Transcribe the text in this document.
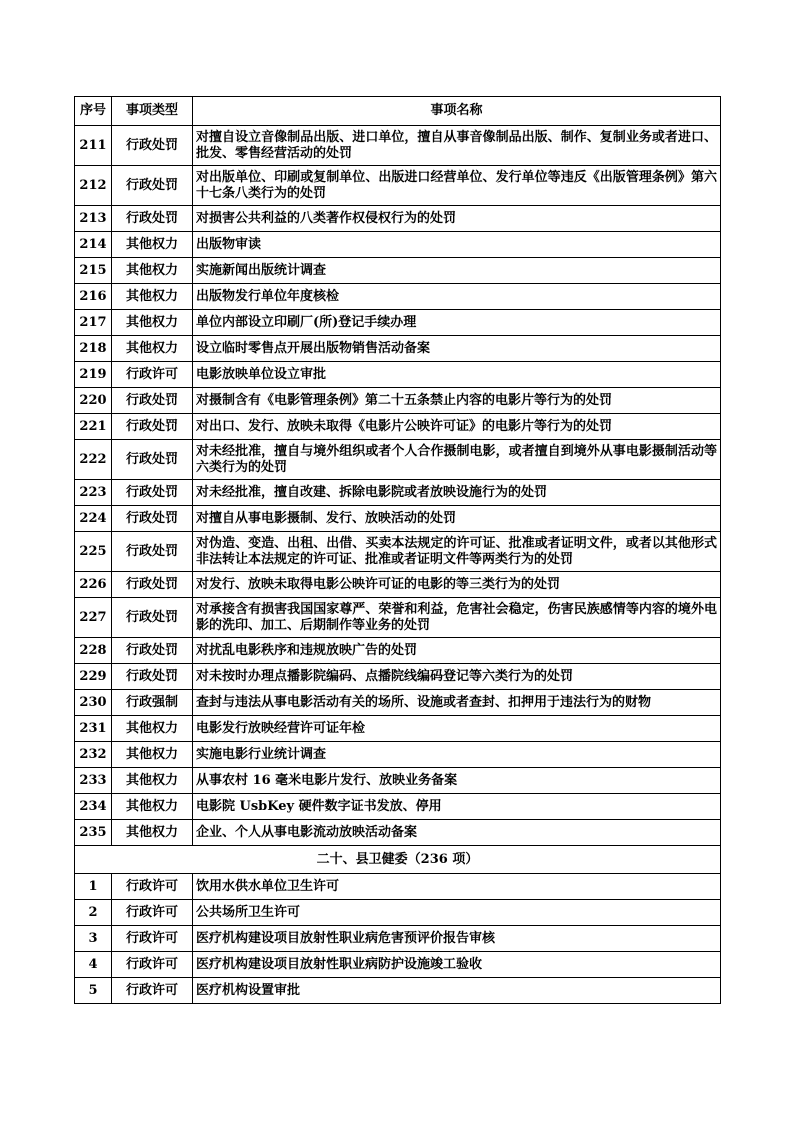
序号	事项类型	事项名称
211	行政处罚	对擅自设立音像制品出版、进口单位，擅自从事音像制品出版、制作、复制业务或者进口、批发、零售经营活动的处罚
212	行政处罚	对出版单位、印刷或复制单位、出版进口经营单位、发行单位等违反《出版管理条例》第六十七条八类行为的处罚
213	行政处罚	对损害公共利益的八类著作权侵权行为的处罚
214	其他权力	出版物审读
215	其他权力	实施新闻出版统计调查
216	其他权力	出版物发行单位年度核检
217	其他权力	单位内部设立印刷厂(所)登记手续办理
218	其他权力	设立临时零售点开展出版物销售活动备案
219	行政许可	电影放映单位设立审批
220	行政处罚	对摄制含有《电影管理条例》第二十五条禁止内容的电影片等行为的处罚
221	行政处罚	对出口、发行、放映未取得《电影片公映许可证》的电影片等行为的处罚
222	行政处罚	对未经批准，擅自与境外组织或者个人合作摄制电影，或者擅自到境外从事电影摄制活动等六类行为的处罚
223	行政处罚	对未经批准，擅自改建、拆除电影院或者放映设施行为的处罚
224	行政处罚	对擅自从事电影摄制、发行、放映活动的处罚
225	行政处罚	对伪造、变造、出租、出借、买卖本法规定的许可证、批准或者证明文件，或者以其他形式非法转让本法规定的许可证、批准或者证明文件等两类行为的处罚
226	行政处罚	对发行、放映未取得电影公映许可证的电影的等三类行为的处罚
227	行政处罚	对承接含有损害我国国家尊严、荣誉和利益，危害社会稳定，伤害民族感情等内容的境外电影的洗印、加工、后期制作等业务的处罚
228	行政处罚	对扰乱电影秩序和违规放映广告的处罚
229	行政处罚	对未按时办理点播影院编码、点播院线编码登记等六类行为的处罚
230	行政强制	查封与违法从事电影活动有关的场所、设施或者查封、扣押用于违法行为的财物
231	其他权力	电影发行放映经营许可证年检
232	其他权力	实施电影行业统计调查
233	其他权力	从事农村 16 毫米电影片发行、放映业务备案
234	其他权力	电影院 UsbKey 硬件数字证书发放、停用
235	其他权力	企业、个人从事电影流动放映活动备案
二十、县卫健委（236 项）		
1	行政许可	饮用水供水单位卫生许可
2	行政许可	公共场所卫生许可
3	行政许可	医疗机构建设项目放射性职业病危害预评价报告审核
4	行政许可	医疗机构建设项目放射性职业病防护设施竣工验收
5	行政许可	医疗机构设置审批
